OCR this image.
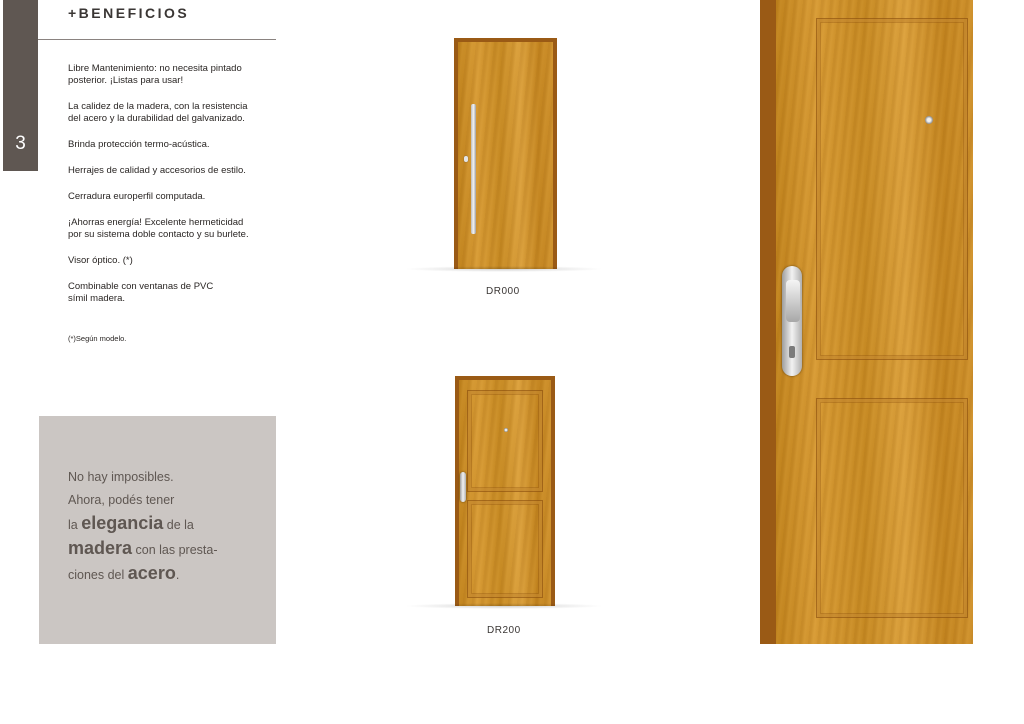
3
+BENEFICIOS

Libre Mantenimiento: no necesita pintado
posterior. ¡Listas para usar!

La calidez de la madera, con la resistencia
del acero y la durabilidad del galvanizado.

Brinda protección termo-acústica.

Herrajes de calidad y accesorios de estilo.

Cerradura europerfil computada.

¡Ahorras energía! Excelente hermeticidad
por su sistema doble contacto y su burlete.

Visor óptico. (*)

Combinable con ventanas de PVC
símil madera.

(*)Según modelo.
No hay imposibles.
Ahora, podés tener
la elegancia de la
madera con las presta-
ciones del acero.
DR000
DR200
